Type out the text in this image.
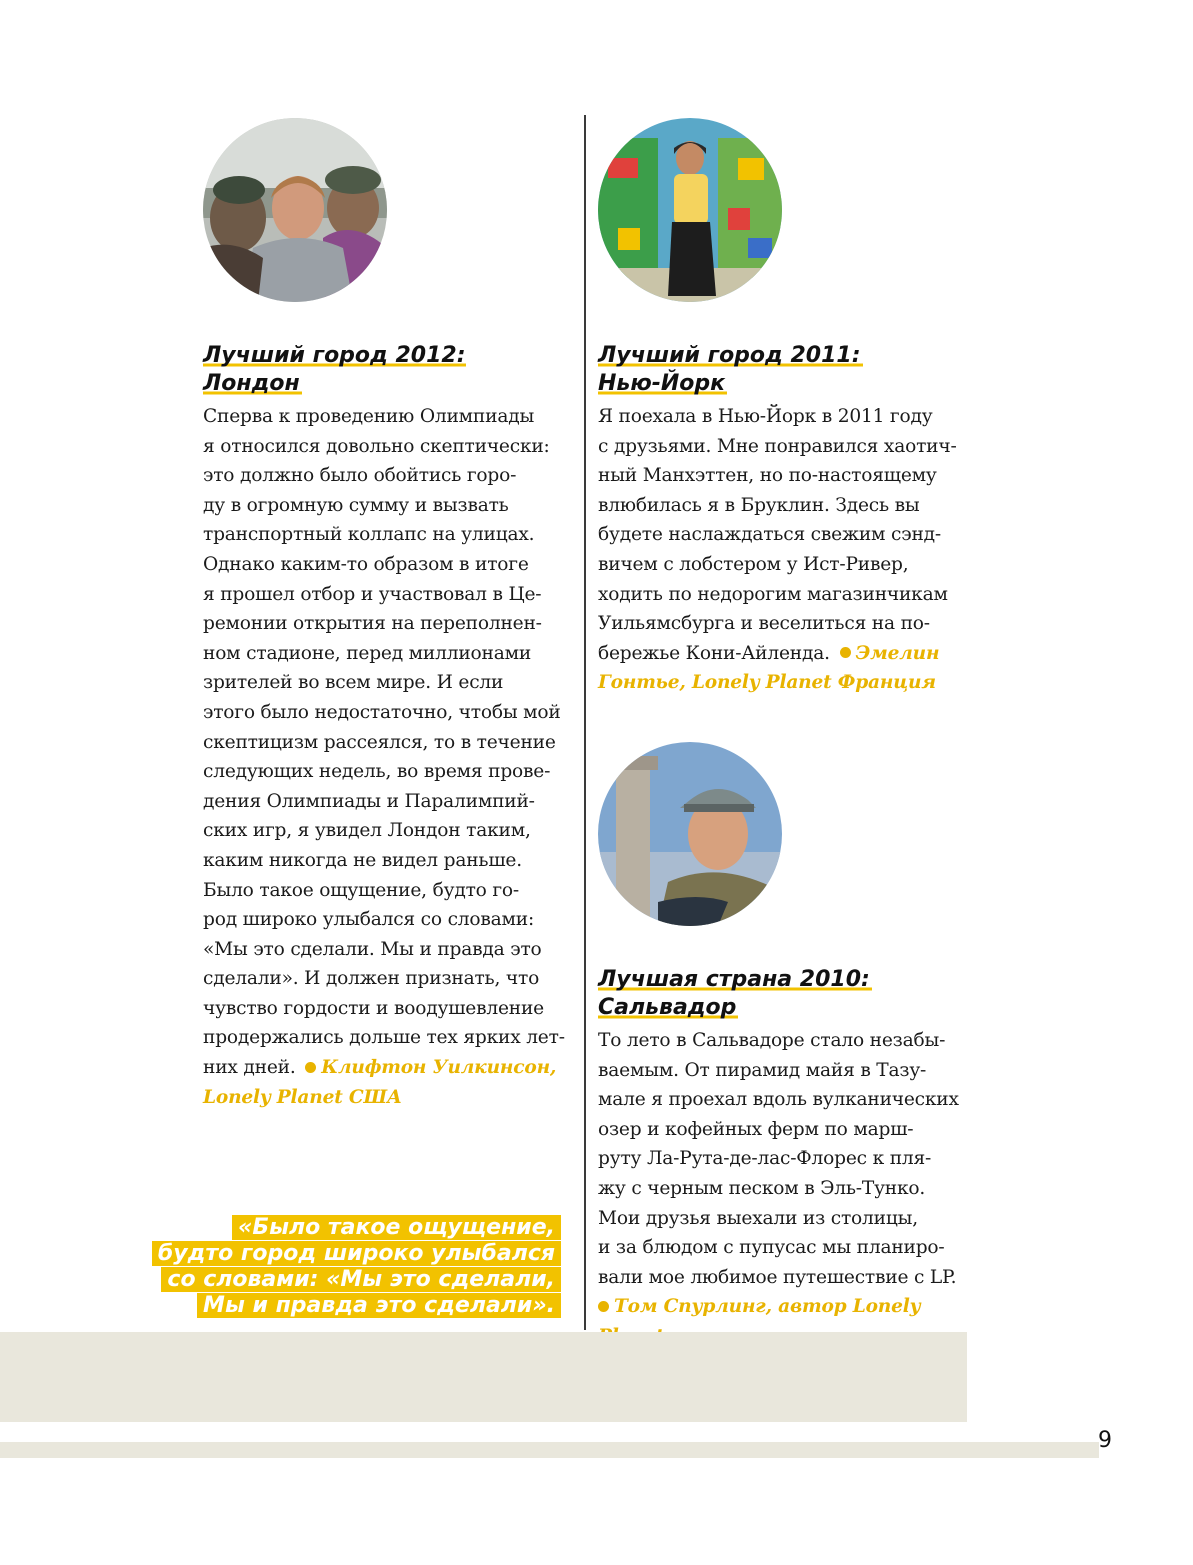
Лучший город 2012: Лондон

Сперва к проведению Олимпиады
я относился довольно скептически:
это должно было обойтись горо-
ду в огромную сумму и вызвать
транспортный коллапс на улицах.
Однако каким-то образом в итоге
я прошел отбор и участвовал в Це-
ремонии открытия на переполнен-
ном стадионе, перед миллионами
зрителей во всем мире. И если
этого было недостаточно, чтобы мой
скептицизм рассеялся, то в течение
следующих недель, во время прове-
дения Олимпиады и Паралимпий-
ских игр, я увидел Лондон таким,
каким никогда не видел раньше.
Было такое ощущение, будто го-
род широко улыбался со словами:
«Мы это сделали. Мы и правда это
сделали». И должен признать, что
чувство гордости и воодушевление
продержались дольше тех ярких лет-
них дней. Клифтон Уилкинсон,
Lonely Planet США

Лучший город 2011:
Нью-Йорк

Я поехала в Нью-Йорк в 2011 году
с друзьями. Мне понравился хаотич-
ный Манхэттен, но по-настоящему
влюбилась я в Бруклин. Здесь вы
будете наслаждаться свежим сэнд-
вичем с лобстером у Ист-Ривер,
ходить по недорогим магазинчикам
Уильямсбурга и веселиться на по-
бережье Кони-Айленда. Эмелин
Гонтье, Lonely Planet Франция

Лучшая страна 2010:
Сальвадор

То лето в Сальвадоре стало незабы-
ваемым. От пирамид майя в Тазу-
мале я проехал вдоль вулканических
озер и кофейных ферм по марш-
руту Ла-Рута-де-лас-Флорес к пля-
жу с черным песком в Эль-Тунко.
Мои друзья выехали из столицы,
и за блюдом с пупусас мы планиро-
вали мое любимое путешествие с LP.
Том Спурлинг, автор Lonely

«Было такое ощущение,
будто город широко улыбался
со словами: «Мы это сделали,
Мы и правда это сделали».
9
